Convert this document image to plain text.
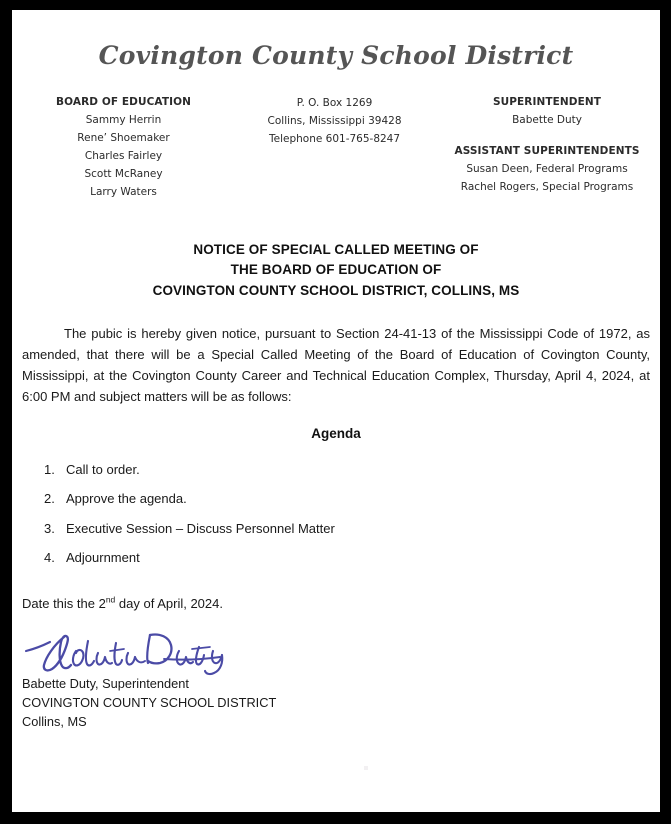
Covington County School District
BOARD OF EDUCATION
Sammy Herrin
Rene’ Shoemaker
Charles Fairley
Scott McRaney
Larry Waters
P. O. Box 1269
Collins, Mississippi 39428
Telephone 601-765-8247
SUPERINTENDENT
Babette Duty
ASSISTANT SUPERINTENDENTS
Susan Deen, Federal Programs
Rachel Rogers, Special Programs
NOTICE OF SPECIAL CALLED MEETING OF
THE BOARD OF EDUCATION OF
COVINGTON COUNTY SCHOOL DISTRICT, COLLINS, MS

The pubic is hereby given notice, pursuant to Section 24-41-13 of the Mississippi Code of 1972, as amended, that there will be a Special Called Meeting of the Board of Education of Covington County, Mississippi, at the Covington County Career and Technical Education Complex, Thursday, April 4, 2024, at 6:00 PM and subject matters will be as follows:

Agenda
1. Call to order.
2. Approve the agenda.
3. Executive Session – Discuss Personnel Matter
4. Adjournment
Date this the 2nd day of April, 2024.
Babette Duty, Superintendent
COVINGTON COUNTY SCHOOL DISTRICT
Collins, MS
